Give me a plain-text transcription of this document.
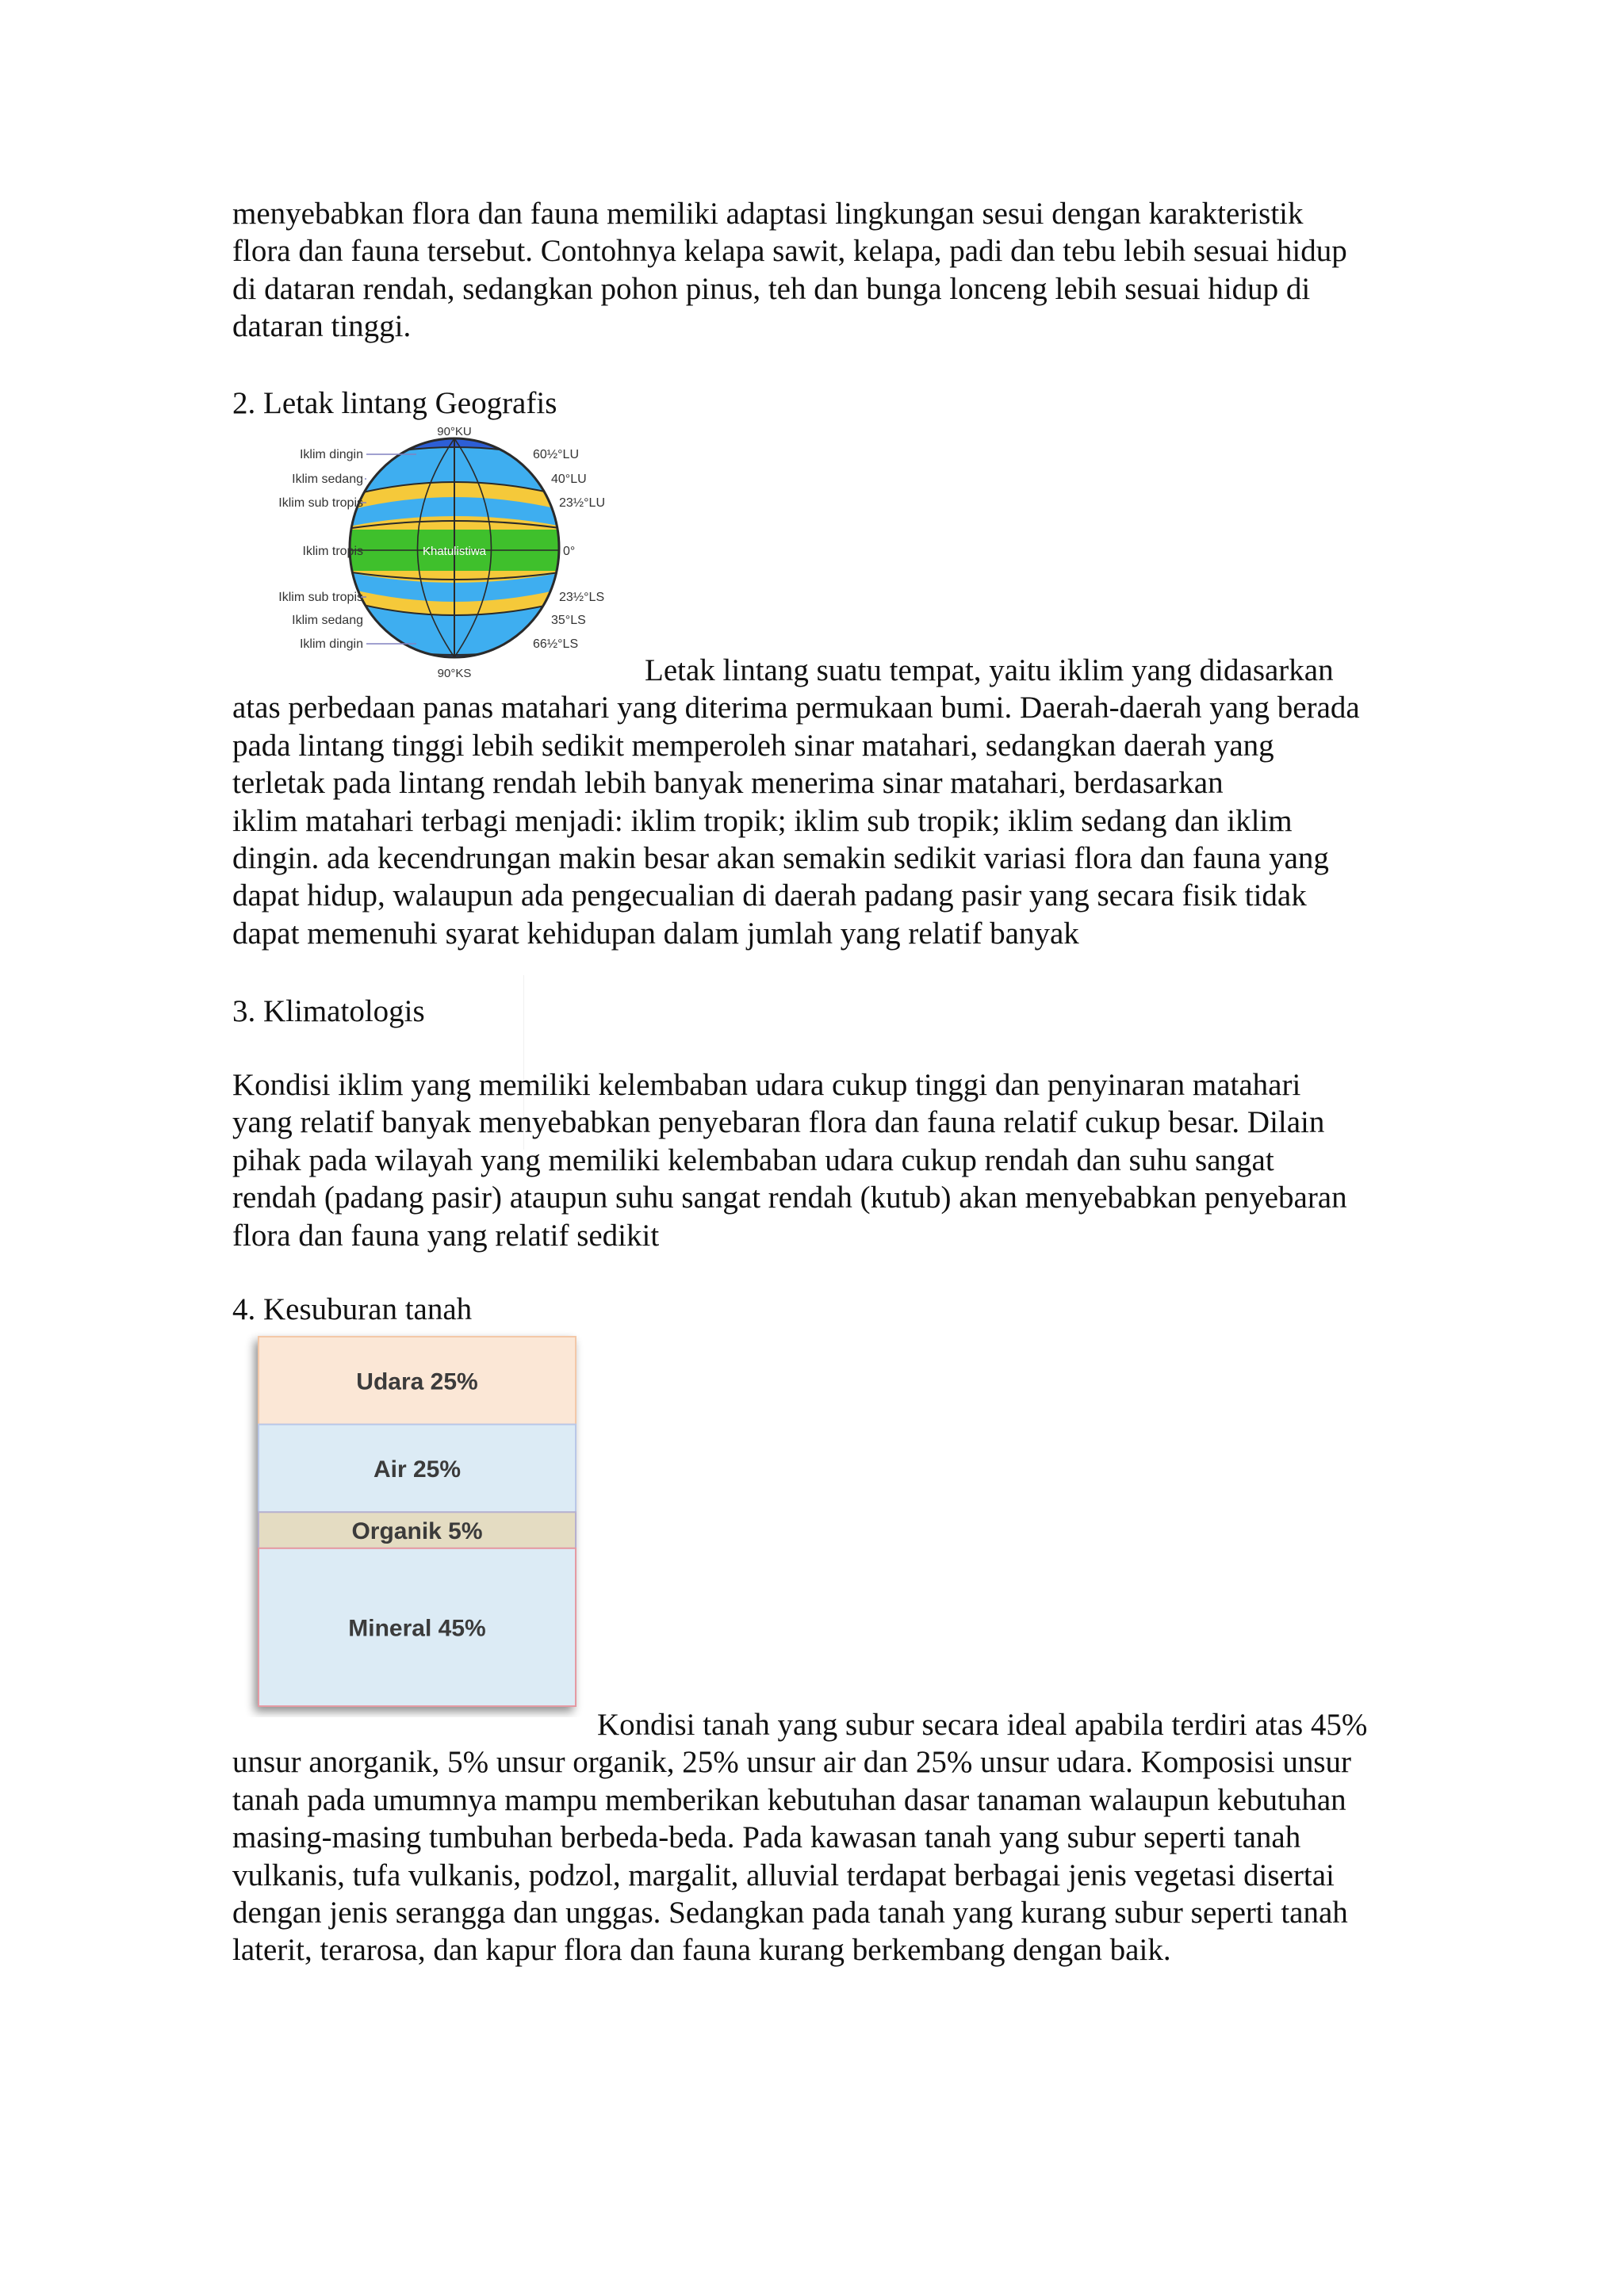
menyebabkan flora dan fauna memiliki adaptasi lingkungan sesui dengan karakteristik
flora dan fauna tersebut. Contohnya kelapa sawit, kelapa, padi dan tebu lebih sesuai hidup
di dataran rendah, sedangkan pohon pinus, teh dan bunga lonceng lebih sesuai hidup di
dataran tinggi.

2. Letak lintang Geografis

Khatulistiwa
90°KU
90°KS
Iklim dingin
Iklim sedang
Iklim sub tropis
Iklim tropis
Iklim sub tropis
Iklim sedang
Iklim dingin
60½°LU
40°LU
23½°LU
0°
23½°LS
35°LS
66½°LS

Letak lintang suatu tempat, yaitu iklim yang didasarkan
atas perbedaan panas matahari yang diterima permukaan bumi. Daerah-daerah yang berada
pada lintang tinggi lebih sedikit memperoleh sinar matahari, sedangkan daerah yang
terletak pada lintang rendah lebih banyak menerima sinar matahari, berdasarkan
iklim matahari terbagi menjadi: iklim tropik; iklim sub tropik; iklim sedang dan iklim
dingin. ada kecendrungan makin besar akan semakin sedikit variasi flora dan fauna yang
dapat hidup, walaupun ada pengecualian di daerah padang pasir yang secara fisik tidak
dapat memenuhi syarat kehidupan dalam jumlah yang relatif banyak

3. Klimatologis

Kondisi iklim yang memiliki kelembaban udara cukup tinggi dan penyinaran matahari
yang relatif banyak menyebabkan penyebaran flora dan fauna relatif cukup besar. Dilain
pihak pada wilayah yang memiliki kelembaban udara cukup rendah dan suhu sangat
rendah (padang pasir) ataupun suhu sangat rendah (kutub) akan menyebabkan penyebaran
flora dan fauna yang relatif sedikit

4. Kesuburan tanah

Udara 25%
Air 25%
Organik 5%
Mineral 45%

Kondisi tanah yang subur secara ideal apabila terdiri atas 45%
unsur anorganik, 5% unsur organik, 25% unsur air dan 25% unsur udara. Komposisi unsur
tanah pada umumnya mampu memberikan kebutuhan dasar tanaman walaupun kebutuhan
masing-masing tumbuhan berbeda-beda. Pada kawasan tanah yang subur seperti tanah
vulkanis, tufa vulkanis, podzol, margalit, alluvial terdapat berbagai jenis vegetasi disertai
dengan jenis serangga dan unggas. Sedangkan pada tanah yang kurang subur seperti tanah
laterit, terarosa, dan kapur flora dan fauna kurang berkembang dengan baik.
